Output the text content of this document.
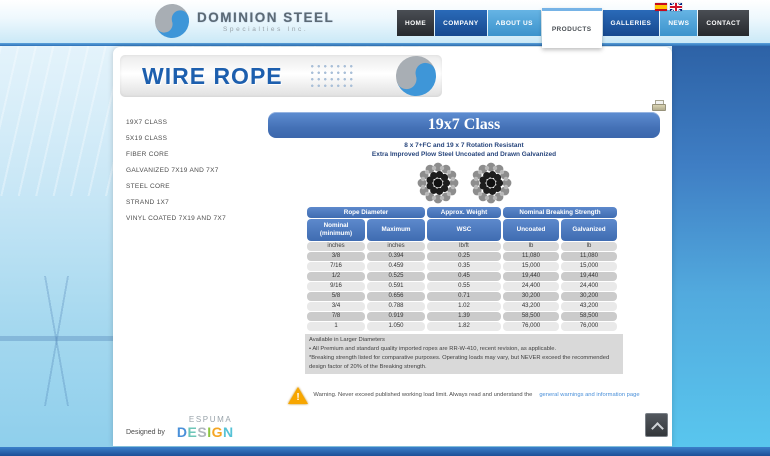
DOMINION STEEL
Specialties Inc.
HOME	COMPANY	ABOUT US
PRODUCTS
GALLERIES	NEWS	CONTACT
WIRE ROPE
19X7 CLASS
5X19 CLASS
FIBER CORE
GALVANIZED 7X19 AND 7X7
STEEL CORE
STRAND 1X7
VINYL COATED 7X19 AND 7X7
19x7 Class
8 x 7+FC and 19 x 7 Rotation Resistant
Extra Improved Plow Steel Uncoated and Drawn Galvanized
Rope Diameter		Approx. Weight	Nominal Breaking Strength	
Nominal (minimum)	Maximum	WSC	Uncoated	Galvanized
inches	inches	lb/ft	lb	lb
3/8	0.394	0.25	11,080	11,080
7/16	0.459	0.35	15,000	15,000
1/2	0.525	0.45	19,440	19,440
9/16	0.591	0.55	24,400	24,400
5/8	0.656	0.71	30,200	30,200
3/4	0.788	1.02	43,200	43,200
7/8	0.919	1.39	58,500	58,500
1	1.050	1.82	76,000	76,000
Available in Larger Diameters
• All Premium and standard quality imported ropes are RR-W-410, recent revision, as applicable.
*Breaking strength listed for comparative purposes. Operating loads may vary, but NEVER exceed the recommended design factor of 20% of the Breaking strength.
!
Warning. Never exceed published working load limit. Always read and understand the general warnings and information page
Designed by
ESPUMA
DESIGN
